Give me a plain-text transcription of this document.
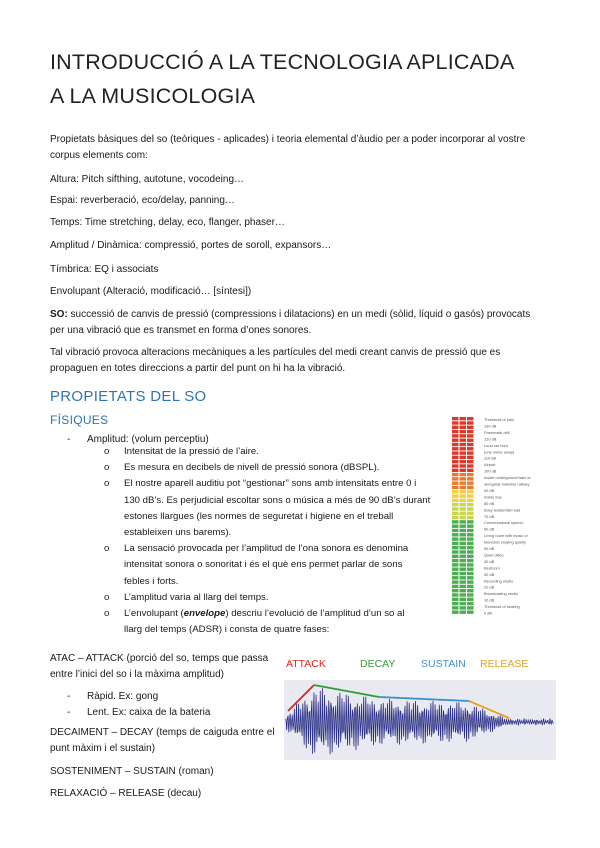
INTRODUCCIÓ A LA TECNOLOGIA APLICADA
A LA MUSICOLOGIA
Propietats bàsiques del so (teòriques - aplicades) i teoria elemental d’àudio per a poder incorporar al vostre
corpus elements com:
Altura: Pitch sifthing, autotune, vocodeing…
Espai: reverberació, eco/delay, panning…
Temps: Time stretching, delay, eco, flanger, phaser…
Amplitud / Dinàmica: compressió, portes de soroll, expansors…
Tímbrica: EQ i associats
Envolupant (Alteració, modificació… [síntesi])
SO: successió de canvis de pressió (compressions i dilatacions) en un medi (sòlid, líquid o gasós) provocats
per una vibració que es transmet en forma d’ones sonores.
Tal vibració provoca alteracions mecàniques a les partícules del medi creant canvis de pressió que es
propaguen en totes direccions a partir del punt on hi ha la vibració.
PROPIETATS DEL SO
FÍSIQUES
- Amplitud: (volum perceptiu)
o Intensitat de la pressió de l’aire.
o Es mesura en decibels de nivell de pressió sonora (dBSPL).
o El nostre aparell auditiu pot “gestionar” sons amb intensitats entre 0 i
130 dB’s. Es perjudicial escoltar sons o música a més de 90 dB’s durant
estones llargues (les normes de seguretat i higiene en el treball
estableixen uns barems).
o La sensació provocada per l’amplitud de l’ona sonora es denomina
intensitat sonora o sonoritat i és el què ens permet parlar de sons
febles i forts.
o L’amplitud varia al llarg del temps.
o L’envolupant (envelope) descriu l’evolució de l’amplitud d’un so al
llarg del temps (ADSR) i consta de quatre fases:
Threshold of pain
130 dB
Pneumatic drill
120 dB
Loud car horn
(one meter away)
110 dB
Airport
100 dB
Inside underground train or
alongside mainline railway
90 dB
Inside bus
80 dB
Busy residential road
70 dB
Conversational speech
60 dB
Living room with music or
television playing quietly
50 dB
Quiet office
40 dB
Bedroom
30 dB
Recording studio
20 dB
Broadcasting studio
10 dB
Threshold of hearing
0 dB
ATAC – ATTACK (porció del so, temps que passa
entre l’inici del so i la màxima amplitud)
- Ràpid. Ex: gong
- Lent. Ex: caixa de la bateria
DECAIMENT – DECAY (temps de caiguda entre el
punt màxim i el sustain)
SOSTENIMENT – SUSTAIN (roman)
RELAXACIÓ – RELEASE (decau)
ATTACK	DECAY SUSTAIN RELEASE
